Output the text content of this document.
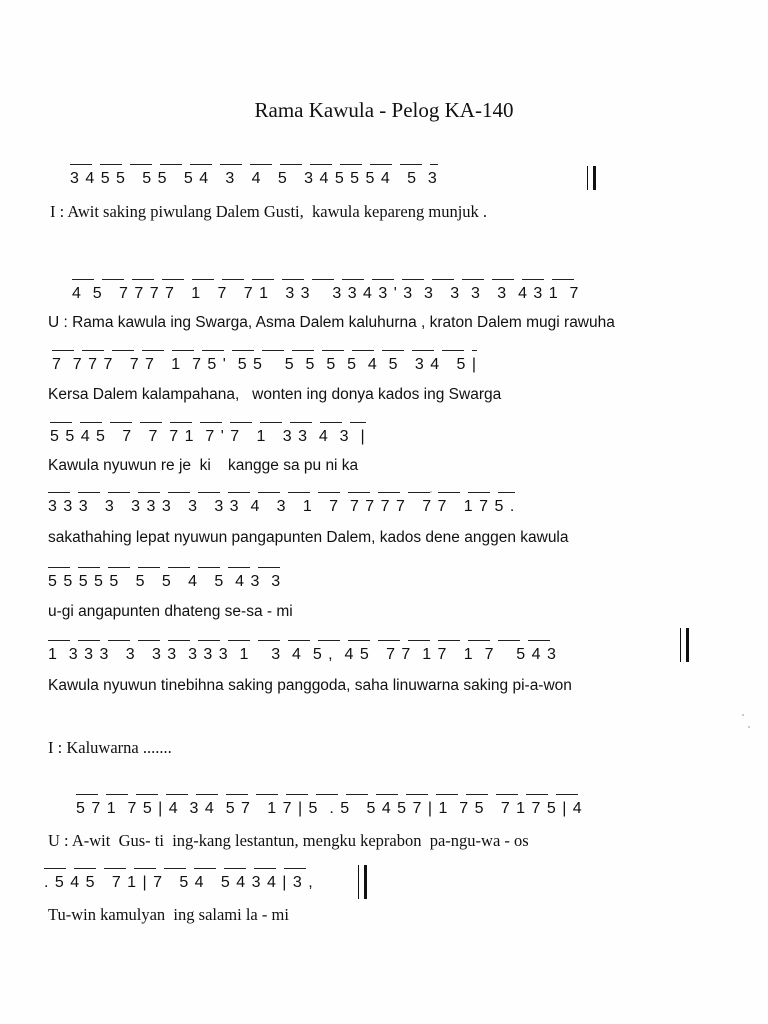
Rama Kawula - Pelog KA-140
3 4 5 5   5 5   5 4   3   4   5   3 4 5 5 5 4   5  3
I : Awit saking piwulang Dalem Gusti,  kawula kepareng munjuk .
4  5   7 7 7 7   1   7   7 1   3 3    3 3 4 3 ' 3  3   3  3   3  4 3 1  7
U : Rama kawula ing Swarga, Asma Dalem kaluhurna , kraton Dalem mugi rawuha
7  7 7 7   7 7   1  7 5 '  5 5    5  5  5  5  4  5   3 4   5 |
Kersa Dalem kalampahana,   wonten ing donya kados ing Swarga
5 5 4 5   7   7  7 1  7 ' 7   1   3 3  4  3  |
Kawula nyuwun re je  ki    kangge sa pu ni ka
3 3 3   3   3 3 3   3   3 3  4   3   1   7  7 7 7 7   7 7   1 7 5 .
sakathahing lepat nyuwun pangapunten Dalem, kados dene anggen kawula
5 5 5 5 5   5   5   4   5  4 3  3
u-gi angapunten dhateng se-sa - mi
1  3 3 3   3   3 3  3 3 3  1    3  4  5 ,  4 5   7 7  1 7   1  7    5 4 3
Kawula nyuwun tinebihna saking panggoda, saha linuwarna saking pi-a-won
I : Kaluwarna .......
5 7 1  7 5 | 4  3 4  5 7   1 7 | 5  . 5   5 4 5 7 | 1  7 5   7 1 7 5 | 4
U : A-wit  Gus- ti  ing-kang lestantun, mengku keprabon  pa-ngu-wa - os
. 5 4 5   7 1 | 7   5 4   5 4 3 4 | 3 ,
Tu-win kamulyan  ing salami la - mi
